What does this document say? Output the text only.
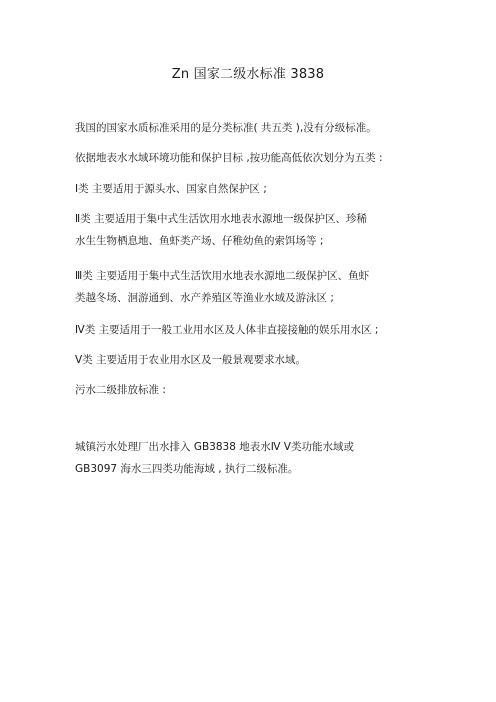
Zn 国家二级水标准 3838
我国的国家水质标准采用的是分类标准( 共五类 ),没有分级标准。
依据地表水水域环境功能和保护目标 ,按功能高低依次划分为五类 :
Ⅰ类 主要适用于源头水、国家自然保护区 ;
Ⅱ类 主要适用于集中式生活饮用水地表水源地一级保护区、珍稀
水生生物栖息地、鱼虾类产场、仔稚幼鱼的索饵场等 ;
Ⅲ类 主要适用于集中式生活饮用水地表水源地二级保护区、鱼虾
类越冬场、洄游通到、水产养殖区等渔业水域及游泳区 ;
Ⅳ类 主要适用于一般工业用水区及人体非直接接触的娱乐用水区 ;
Ⅴ类 主要适用于农业用水区及一般景观要求水域。
污水二级排放标准 :
城镇污水处理厂出水排入 GB3838 地表水Ⅳ Ⅴ类功能水域或
GB3097 海水三四类功能海域 , 执行二级标准。
